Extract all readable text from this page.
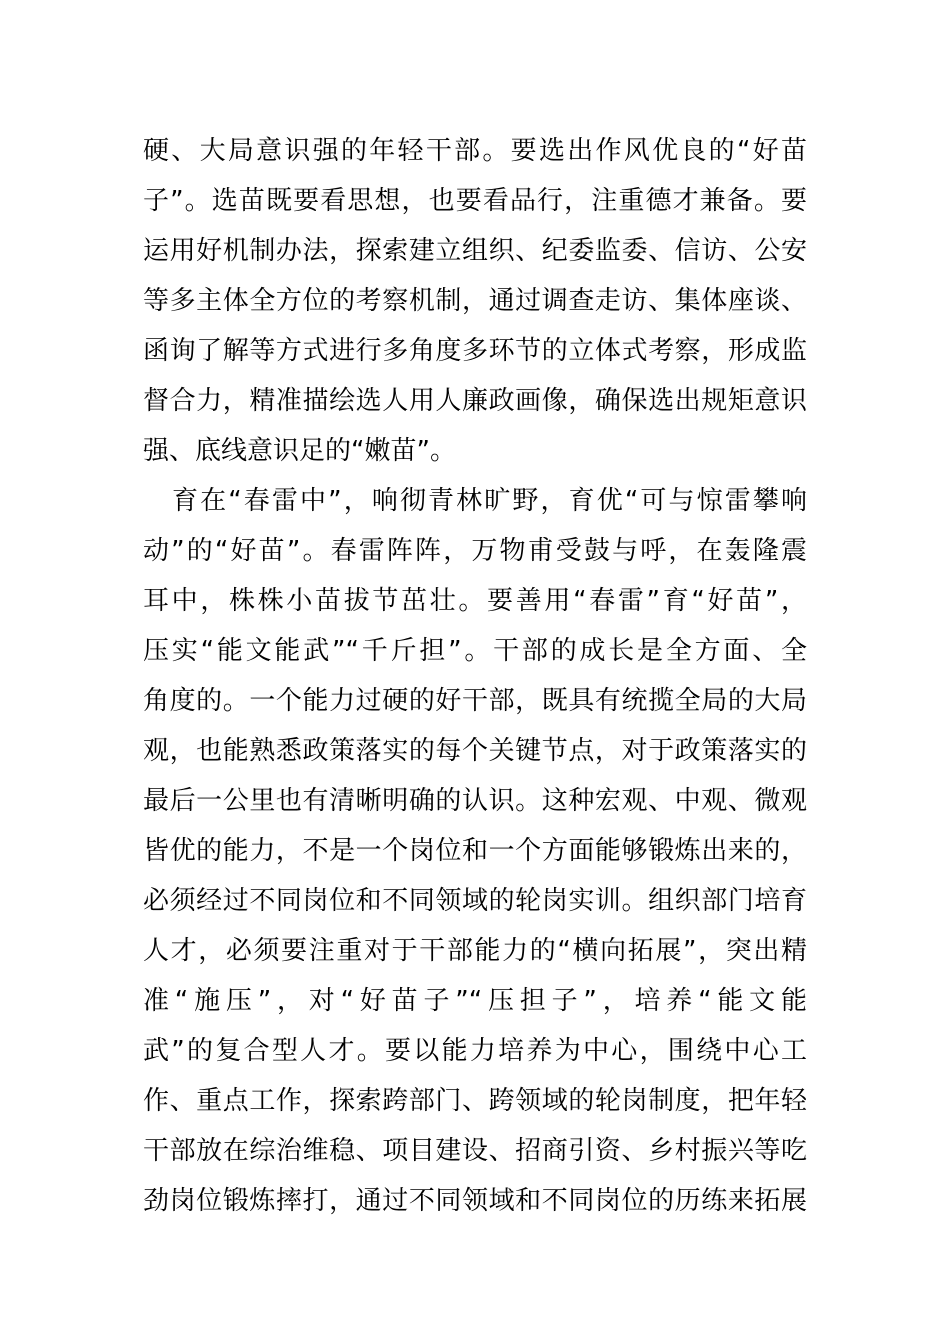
硬、大局意识强的年轻干部。要选出作风优良的“好苗
子”。选苗既要看思想，也要看品行，注重德才兼备。要
运用好机制办法，探索建立组织、纪委监委、信访、公安
等多主体全方位的考察机制，通过调查走访、集体座谈、
函询了解等方式进行多角度多环节的立体式考察，形成监
督合力，精准描绘选人用人廉政画像，确保选出规矩意识
强、底线意识足的“嫩苗”。
育在“春雷中”，响彻青林旷野，育优“可与惊雷攀响
动”的“好苗”。春雷阵阵，万物甫受鼓与呼，在轰隆震
耳中，株株小苗拔节茁壮。要善用“春雷”育“好苗”，
压实“能文能武”“千斤担”。干部的成长是全方面、全
角度的。一个能力过硬的好干部，既具有统揽全局的大局
观，也能熟悉政策落实的每个关键节点，对于政策落实的
最后一公里也有清晰明确的认识。这种宏观、中观、微观
皆优的能力，不是一个岗位和一个方面能够锻炼出来的，
必须经过不同岗位和不同领域的轮岗实训。组织部门培育
人才，必须要注重对于干部能力的“横向拓展”，突出精
准“施压”，对“好苗子”“压担子”，培养“能文能
武”的复合型人才。要以能力培养为中心，围绕中心工
作、重点工作，探索跨部门、跨领域的轮岗制度，把年轻
干部放在综治维稳、项目建设、招商引资、乡村振兴等吃
劲岗位锻炼摔打，通过不同领域和不同岗位的历练来拓展
